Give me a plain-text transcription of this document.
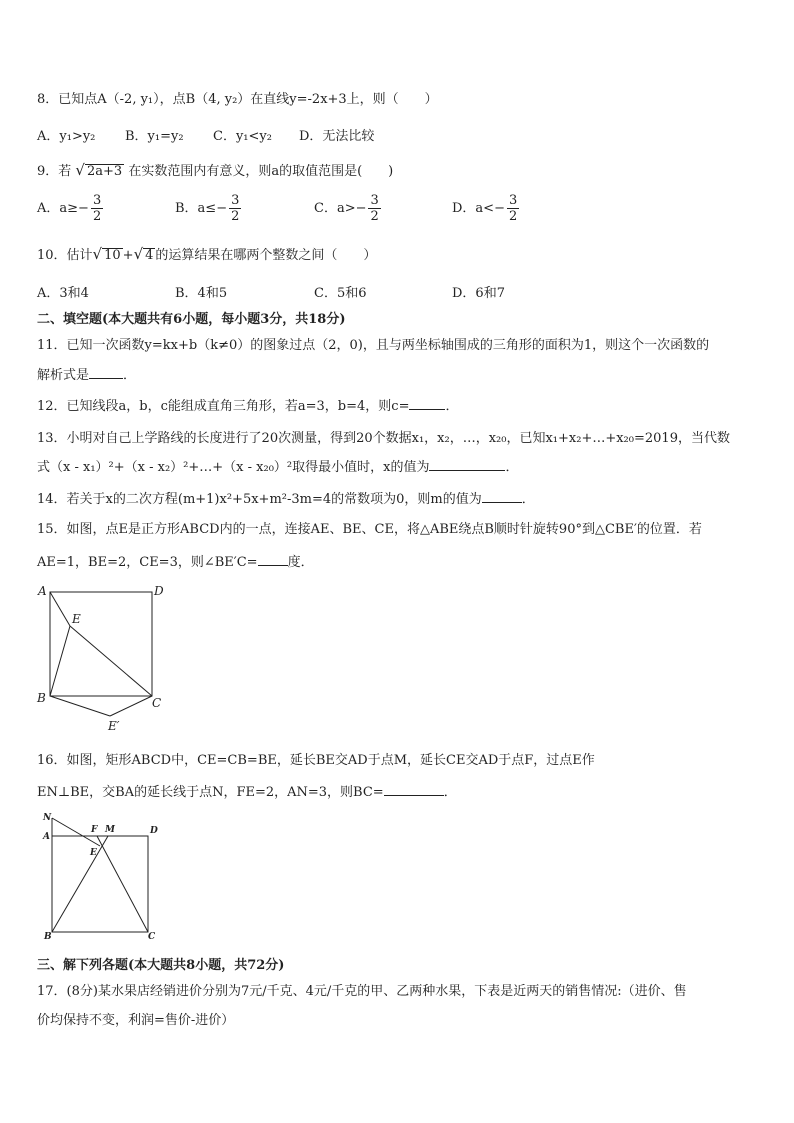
8．已知点A（-2, y₁），点B（4, y₂）在直线y=-2x+3上，则（　　）
A．y₁>y₂ B．y₁=y₂ C．y₁<y₂ D．无法比较
9．若 √ 2a+3 在实数范围内有意义，则a的取值范围是(　　)
A．$a\ge- \frac{3}{2}$	B．$a\le- \frac{3}{2}$	C．$a>- \frac{3}{2}$	D．$a<- \frac{3}{2}$
10．估计√ 10 +√ 4 的运算结果在哪两个整数之间（　　）
A．3和4	B．4和5	C．5和6	D．6和7
二、填空题(本大题共有6小题，每小题3分，共18分)
11．已知一次函数y=kx+b（k≠0）的图象过点（2，0)，且与两坐标轴围成的三角形的面积为1，则这个一次函数的
解析式是	．
12．已知线段a，b，c能组成直角三角形，若a=3，b=4，则c=	．
13．小明对自己上学路线的长度进行了20次测量，得到20个数据x₁，x₂，…，x₂₀，已知x₁+x₂+…+x₂₀=2019，当代数
式（x - x₁）²+（x - x₂）²+…+（x - x₂₀）²取得最小值时，x的值为	．
14．若关于x的二次方程(m+1)x²+5x+m²-3m=4的常数项为0，则m的值为	．
15．如图，点E是正方形ABCD内的一点，连接AE、BE、CE，将△ABE绕点B顺时针旋转90°到△CBE′的位置．若
AE=1，BE=2，CE=3，则∠BE′C= 度．
A	D
E
B	C
E′
16．如图，矩形ABCD中，CE=CB=BE，延长BE交AD于点M，延长CE交AD于点F，过点E作
EN⊥BE，交BA的延长线于点N，FE=2，AN=3，则BC=	．
N
A
F M	D
E
B	C
三、解下列各题(本大题共8小题，共72分)
17．(8分)某水果店经销进价分别为7元/千克、4元/千克的甲、乙两种水果，下表是近两天的销售情况:（进价、售
价均保持不变，利润=售价-进价）
